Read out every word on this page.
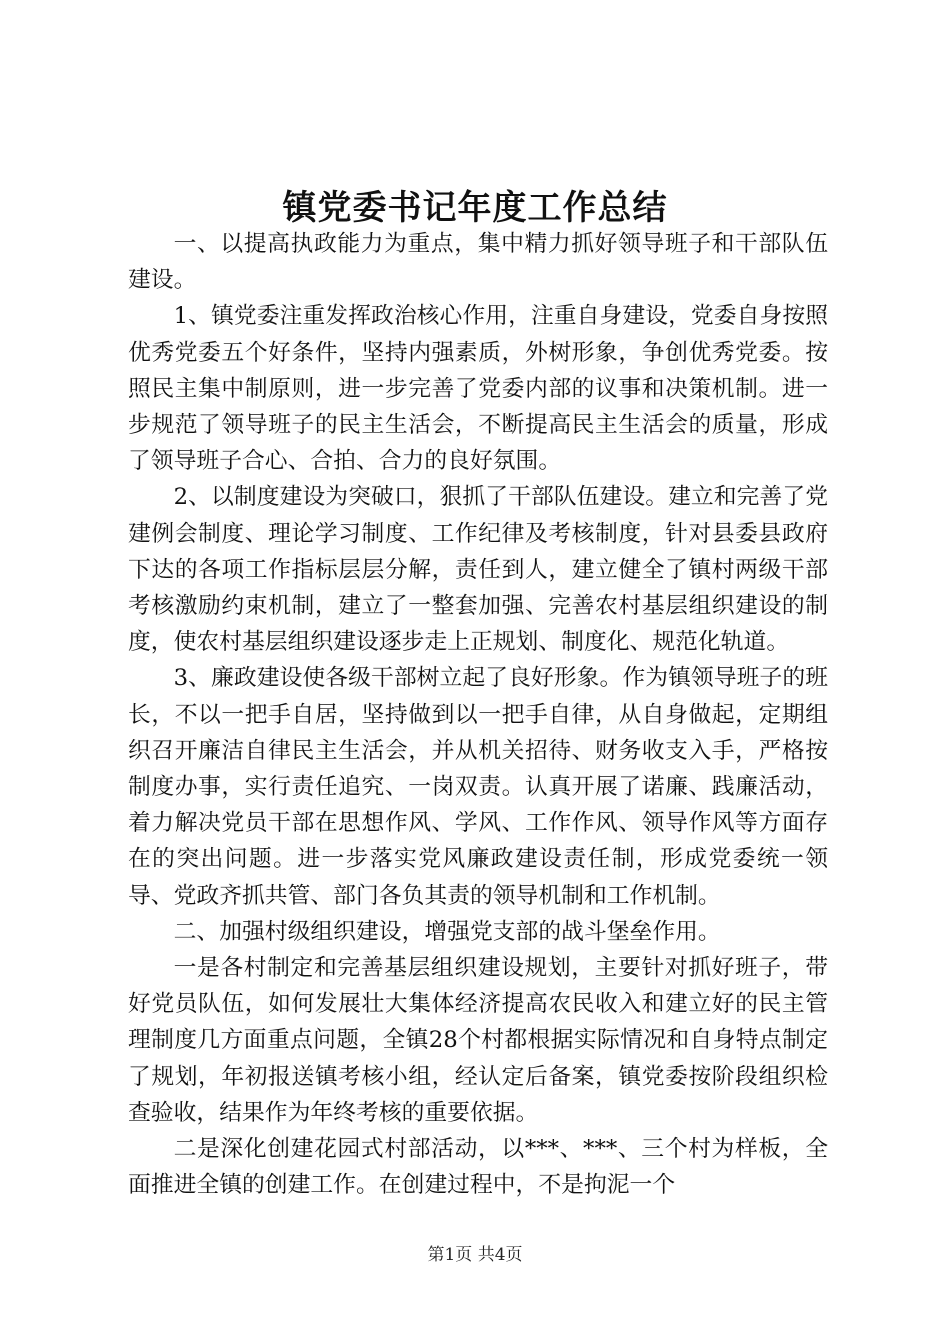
镇党委书记年度工作总结

一、以提高执政能力为重点，集中精力抓好领导班子和干部队伍建设。

1、镇党委注重发挥政治核心作用，注重自身建设，党委自身按照优秀党委五个好条件，坚持内强素质，外树形象，争创优秀党委。按照民主集中制原则，进一步完善了党委内部的议事和决策机制。进一步规范了领导班子的民主生活会，不断提高民主生活会的质量，形成了领导班子合心、合拍、合力的良好氛围。

2、以制度建设为突破口，狠抓了干部队伍建设。建立和完善了党建例会制度、理论学习制度、工作纪律及考核制度，针对县委县政府下达的各项工作指标层层分解，责任到人，建立健全了镇村两级干部考核激励约束机制，建立了一整套加强、完善农村基层组织建设的制度，使农村基层组织建设逐步走上正规划、制度化、规范化轨道。

3、廉政建设使各级干部树立起了良好形象。作为镇领导班子的班长，不以一把手自居，坚持做到以一把手自律，从自身做起，定期组织召开廉洁自律民主生活会，并从机关招待、财务收支入手，严格按制度办事，实行责任追究、一岗双责。认真开展了诺廉、践廉活动，着力解决党员干部在思想作风、学风、工作作风、领导作风等方面存在的突出问题。进一步落实党风廉政建设责任制，形成党委统一领导、党政齐抓共管、部门各负其责的领导机制和工作机制。

二、加强村级组织建设，增强党支部的战斗堡垒作用。

一是各村制定和完善基层组织建设规划，主要针对抓好班子，带好党员队伍，如何发展壮大集体经济提高农民收入和建立好的民主管理制度几方面重点问题，全镇28个村都根据实际情况和自身特点制定了规划，年初报送镇考核小组，经认定后备案，镇党委按阶段组织检查验收，结果作为年终考核的重要依据。

二是深化创建花园式村部活动，以***、***、三个村为样板，全面推进全镇的创建工作。在创建过程中，不是拘泥一个

第1页 共4页
